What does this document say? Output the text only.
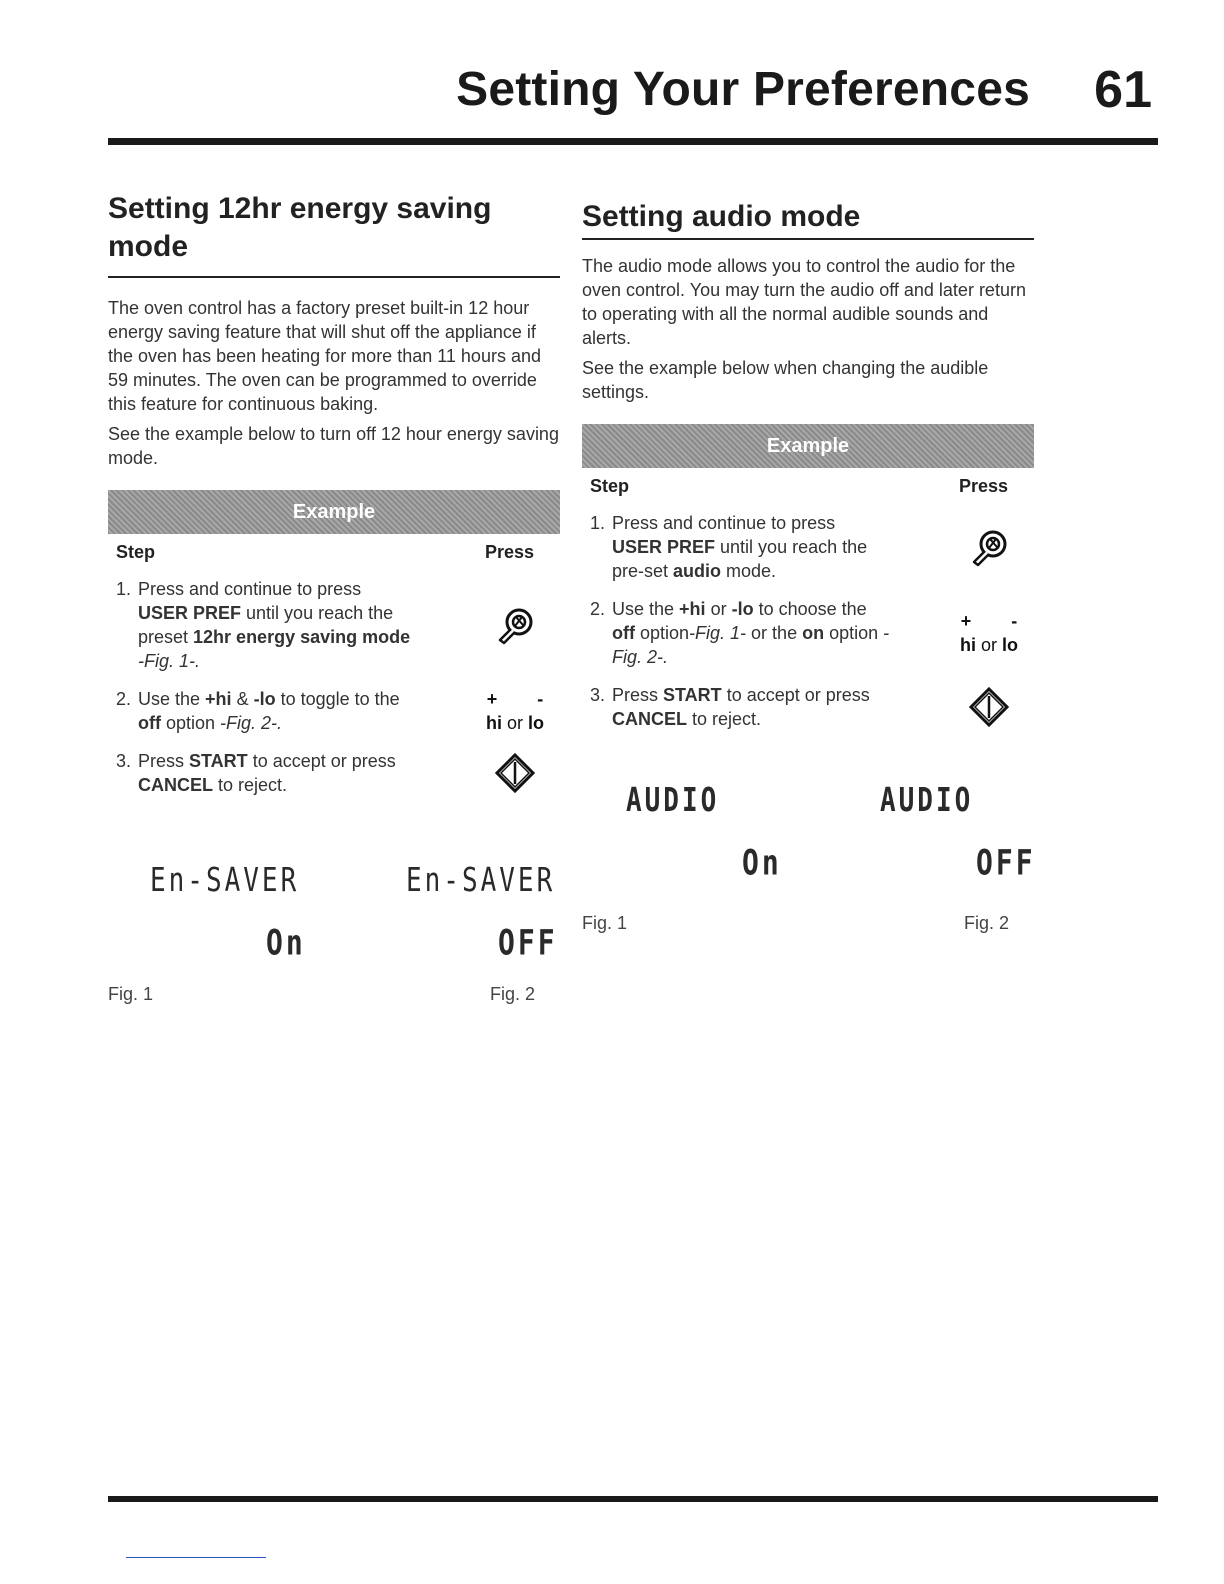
Setting Your Preferences 61
Setting 12hr energy saving mode

The oven control has a factory preset built-in 12 hour energy saving feature that will shut off the appliance if the oven has been heating for more than 11 hours and 59 minutes. The oven can be programmed to override this feature for continuous baking.

See the example below to turn off 12 hour energy saving mode.

Example
Step	Press
1. Press and continue to press USER PREF until you reach the preset 12hr energy saving mode -Fig. 1-.
2. Use the +hi & -lo to toggle to the off option -Fig. 2-.
+ -
hi or lo
3. Press START to accept or press CANCEL to reject.
En-SAVER	En-SAVER
On	OFF
Fig. 1	Fig. 2
Setting audio mode

The audio mode allows you to control the audio for the oven control. You may turn the audio off and later return to operating with all the normal audible sounds and alerts.

See the example below when changing the audible settings.

Example
Step	Press
1. Press and continue to press USER PREF until you reach the pre-set audio mode.
2. Use the +hi or -lo to choose the off option-Fig. 1- or the on option -Fig. 2-.
+ -
hi or lo
3. Press START to accept or press CANCEL to reject.
AUDIO	AUDIO
On	OFF
Fig. 1	Fig. 2
